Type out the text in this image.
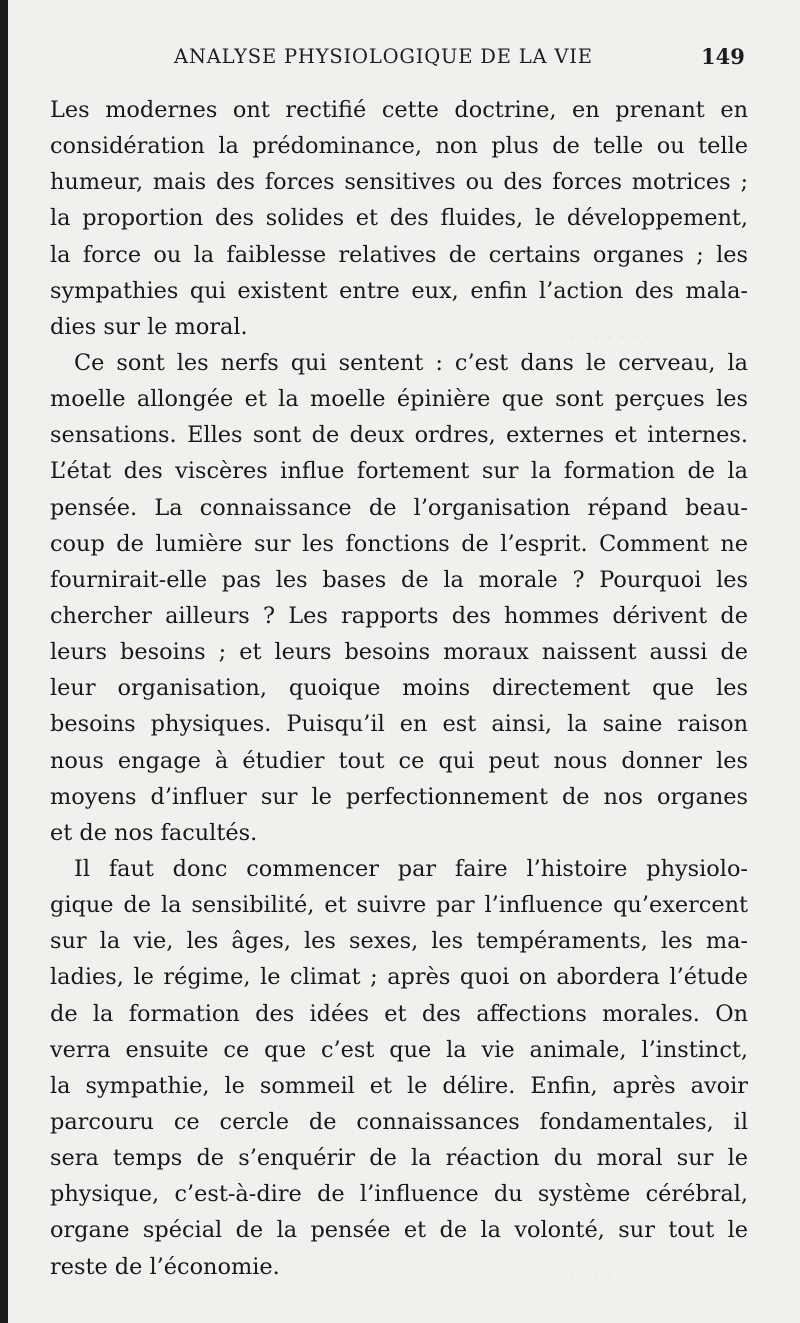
ANALYSE PHYSIOLOGIQUE DE LA VIE	149
Les modernes ont rectifié cette doctrine, en prenant en
considération la prédominance, non plus de telle ou telle
humeur, mais des forces sensitives ou des forces motrices ;
la proportion des solides et des fluides, le développement,
la force ou la faiblesse relatives de certains organes ; les
sympathies qui existent entre eux, enfin l’action des mala-
dies sur le moral.
Ce sont les nerfs qui sentent : c’est dans le cerveau, la
moelle allongée et la moelle épinière que sont perçues les
sensations. Elles sont de deux ordres, externes et internes.
L’état des viscères influe fortement sur la formation de la
pensée. La connaissance de l’organisation répand beau-
coup de lumière sur les fonctions de l’esprit. Comment ne
fournirait-elle pas les bases de la morale ? Pourquoi les
chercher ailleurs ? Les rapports des hommes dérivent de
leurs besoins ; et leurs besoins moraux naissent aussi de
leur organisation, quoique moins directement que les
besoins physiques. Puisqu’il en est ainsi, la saine raison
nous engage à étudier tout ce qui peut nous donner les
moyens d’influer sur le perfectionnement de nos organes
et de nos facultés.
Il faut donc commencer par faire l’histoire physiolo-
gique de la sensibilité, et suivre par l’influence qu’exercent
sur la vie, les âges, les sexes, les tempéraments, les ma-
ladies, le régime, le climat ; après quoi on abordera l’étude
de la formation des idées et des affections morales. On
verra ensuite ce que c’est que la vie animale, l’instinct,
la sympathie, le sommeil et le délire. Enfin, après avoir
parcouru ce cercle de connaissances fondamentales, il
sera temps de s’enquérir de la réaction du moral sur le
physique, c’est-à-dire de l’influence du système cérébral,
organe spécial de la pensée et de la volonté, sur tout le
reste de l’économie.
